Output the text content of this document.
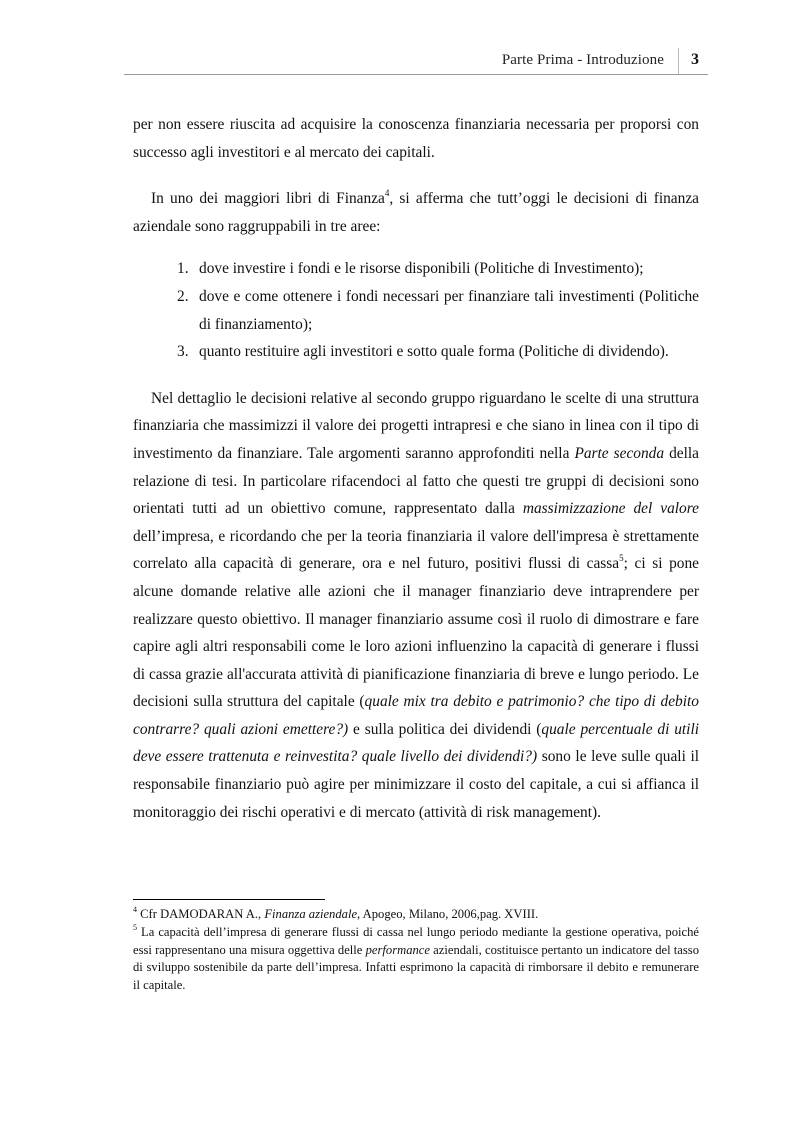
Parte Prima - Introduzione 3

per non essere riuscita ad acquisire la conoscenza finanziaria necessaria per proporsi con successo agli investitori e al mercato dei capitali.

In uno dei maggiori libri di Finanza$^4$, si afferma che tutt’oggi le decisioni di finanza aziendale sono raggruppabili in tre aree:

1. dove investire i fondi e le risorse disponibili (Politiche di Investimento);
2. dove e come ottenere i fondi necessari per finanziare tali investimenti (Politiche di finanziamento);
3. quanto restituire agli investitori e sotto quale forma (Politiche di dividendo).

Nel dettaglio le decisioni relative al secondo gruppo riguardano le scelte di una struttura finanziaria che massimizzi il valore dei progetti intrapresi e che siano in linea con il tipo di investimento da finanziare. Tale argomenti saranno approfonditi nella Parte seconda della relazione di tesi. In particolare rifacendoci al fatto che questi tre gruppi di decisioni sono orientati tutti ad un obiettivo comune, rappresentato dalla massimizzazione del valore dell’impresa, e ricordando che per la teoria finanziaria il valore dell'impresa è strettamente correlato alla capacità di generare, ora e nel futuro, positivi flussi di cassa$^5$; ci si pone alcune domande relative alle azioni che il manager finanziario deve intraprendere per realizzare questo obiettivo. Il manager finanziario assume così il ruolo di dimostrare e fare capire agli altri responsabili come le loro azioni influenzino la capacità di generare i flussi di cassa grazie all'accurata attività di pianificazione finanziaria di breve e lungo periodo. Le decisioni sulla struttura del capitale (quale mix tra debito e patrimonio? che tipo di debito contrarre? quali azioni emettere?) e sulla politica dei dividendi (quale percentuale di utili deve essere trattenuta e reinvestita? quale livello dei dividendi?) sono le leve sulle quali il responsabile finanziario può agire per minimizzare il costo del capitale, a cui si affianca il monitoraggio dei rischi operativi e di mercato (attività di risk management).

$^4$ Cfr DAMODARAN A., Finanza aziendale, Apogeo, Milano, 2006,pag. XVIII.

$^5$ La capacità dell’impresa di generare flussi di cassa nel lungo periodo mediante la gestione operativa, poiché essi rappresentano una misura oggettiva delle performance aziendali, costituisce pertanto un indicatore del tasso di sviluppo sostenibile da parte dell’impresa. Infatti esprimono la capacità di rimborsare il debito e remunerare il capitale.
